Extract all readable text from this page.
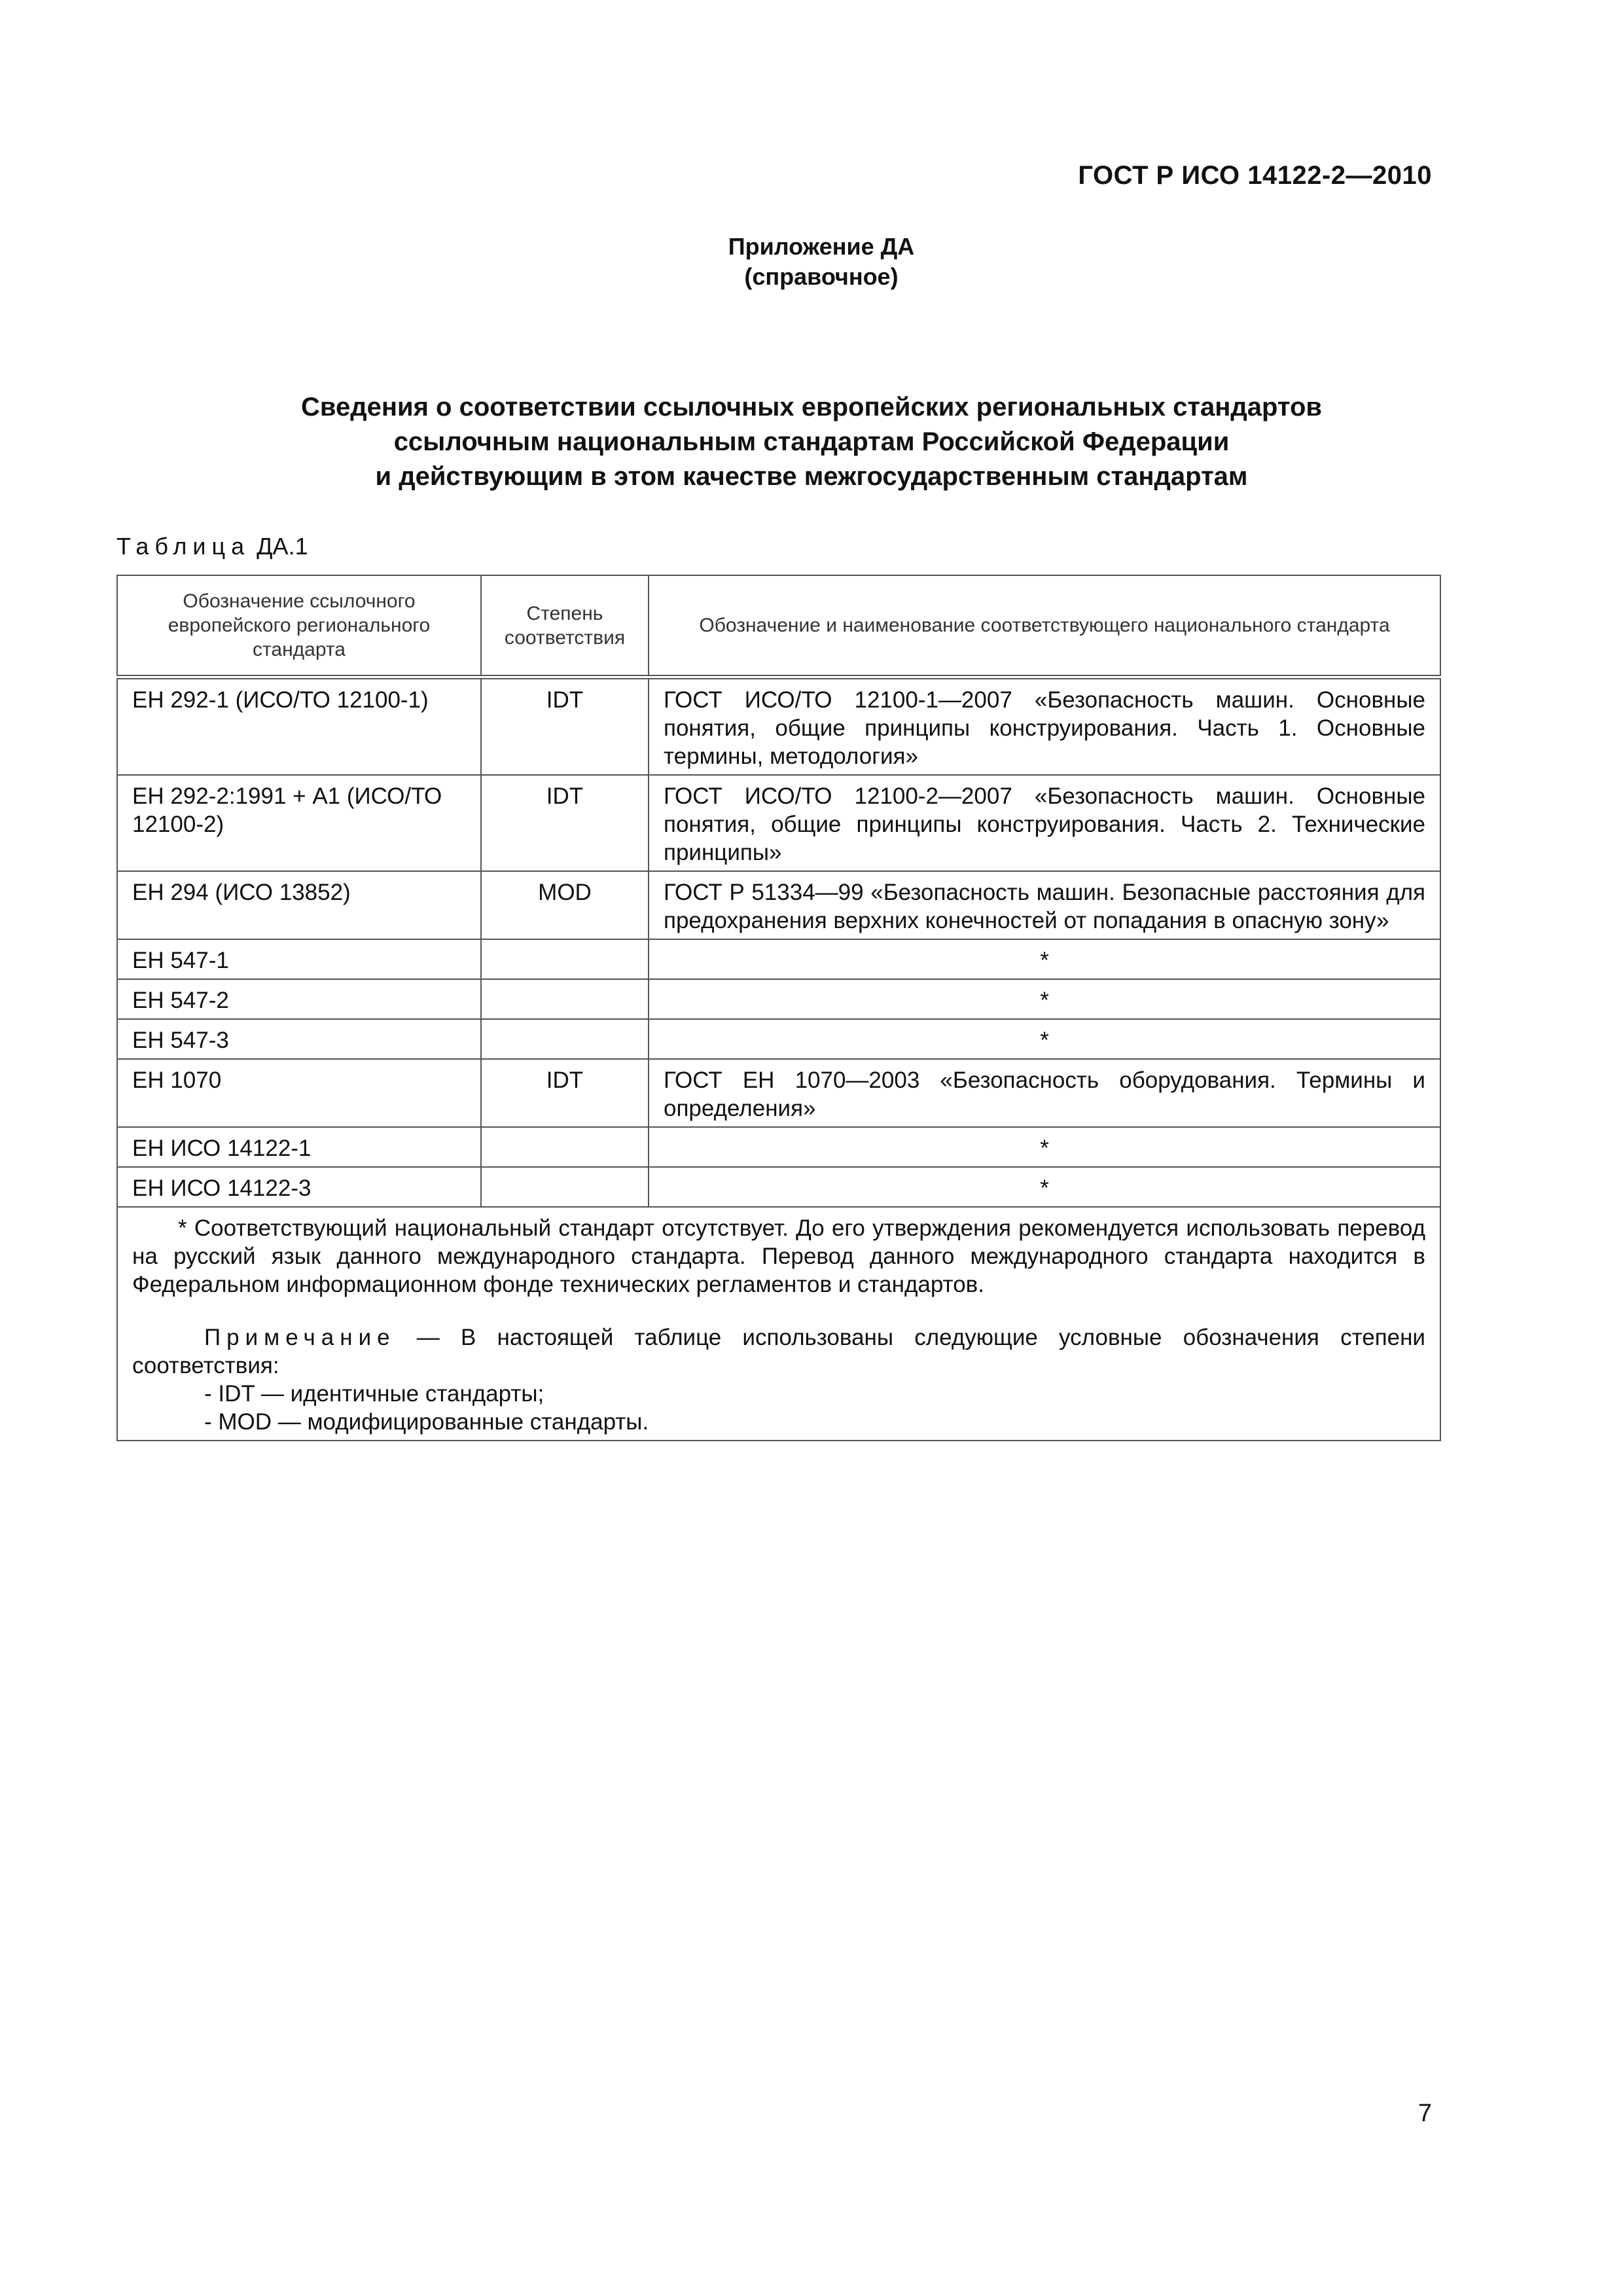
ГОСТ Р ИСО 14122-2—2010
Приложение ДА
(справочное)
Сведения о соответствии ссылочных европейских региональных стандартов
ссылочным национальным стандартам Российской Федерации
и действующим в этом качестве межгосударственным стандартам
Таблица ДА.1
Обозначение ссылочного европейского регионального стандарта	Степень соответствия	Обозначение и наименование соответствующего национального стандарта
ЕН 292-1 (ИСО/ТО 12100-1)	IDT	ГОСТ ИСО/ТО 12100-1—2007 «Безопасность машин. Основные понятия, общие принципы конструирования. Часть 1. Основные термины, методология»
ЕН 292-2:1991 + А1 (ИСО/ТО 12100-2)	IDT	ГОСТ ИСО/ТО 12100-2—2007 «Безопасность машин. Основные понятия, общие принципы конструирования. Часть 2. Технические принципы»
ЕН 294 (ИСО 13852)	MOD	ГОСТ Р 51334—99 «Безопасность машин. Безопасные расстояния для предохранения верхних конечностей от попадания в опасную зону»
ЕН 547-1		*
ЕН 547-2		*
ЕН 547-3		*
ЕН 1070	IDT	ГОСТ ЕН 1070—2003 «Безопасность оборудования. Термины и определения»
ЕН ИСО 14122-1		*
ЕН ИСО 14122-3		*

* Соответствующий национальный стандарт отсутствует. До его утверждения рекомендуется использовать перевод на русский язык данного международного стандарта. Перевод данного международного стандарта находится в Федеральном информационном фонде технических регламентов и стандартов.
Примечание — В настоящей таблице использованы следующие условные обозначения степени соответствия:
- IDT — идентичные стандарты;
- MOD — модифицированные стандарты.		
7
